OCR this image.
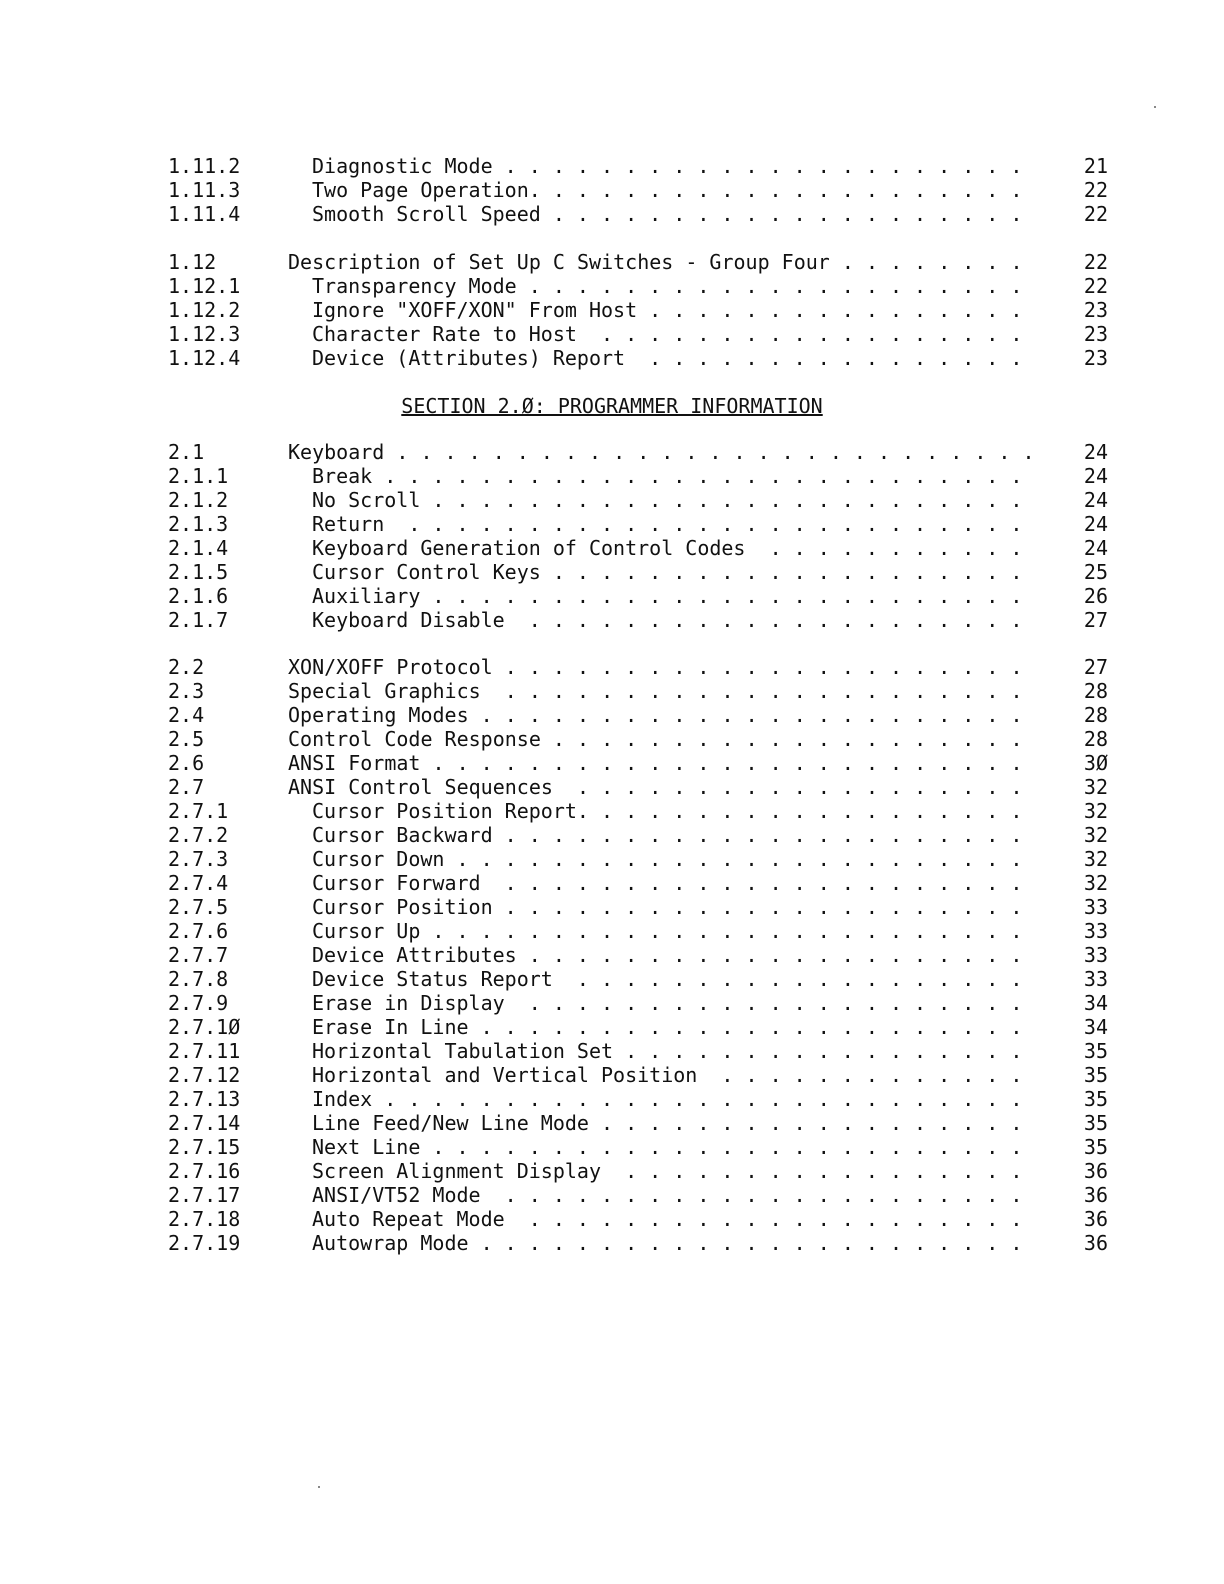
1.11.2	Diagnostic Mode . . .	21
1.11.3	Two Page Operation. . . .	22
1.11.4	Smooth Scroll Speed . . .	22
1.12	Description of Set Up C Switches - Group Four . . .	22
1.12.1	Transparency Mode . . .	22
1.12.2	Ignore "XOFF/XON" From Host . . .	23
1.12.3	Character Rate to Host . . .	23
1.12.4	Device (Attributes) Report . . .	23
SECTION 2.Ø: PROGRAMMER INFORMATION
2.1	Keyboard . . .	24
2.1.1	Break . . .	24
2.1.2	No Scroll . . .	24
2.1.3	Return . . .	24
2.1.4	Keyboard Generation of Control Codes . . .	24
2.1.5	Cursor Control Keys . . .	25
2.1.6	Auxiliary . . .	26
2.1.7	Keyboard Disable . . .	27
2.2	XON/XOFF Protocol . . .	27
2.3	Special Graphics . . .	28
2.4	Operating Modes . . .	28
2.5	Control Code Response . . .	28
2.6	ANSI Format . . .	3Ø
2.7	ANSI Control Sequences . . .	32
2.7.1	Cursor Position Report. . . .	32
2.7.2	Cursor Backward . . .	32
2.7.3	Cursor Down . . .	32
2.7.4	Cursor Forward . . .	32
2.7.5	Cursor Position . . .	33
2.7.6	Cursor Up . . .	33
2.7.7	Device Attributes . . .	33
2.7.8	Device Status Report . . .	33
2.7.9	Erase in Display . . .	34
2.7.1Ø	Erase In Line . . .	34
2.7.11	Horizontal Tabulation Set . . .	35
2.7.12	Horizontal and Vertical Position . . .	35
2.7.13	Index . . .	35
2.7.14	Line Feed/New Line Mode . . .	35
2.7.15	Next Line . . .	35
2.7.16	Screen Alignment Display . . .	36
2.7.17	ANSI/VT52 Mode . . .	36
2.7.18	Auto Repeat Mode . . .	36
2.7.19	Autowrap Mode . . .	36
